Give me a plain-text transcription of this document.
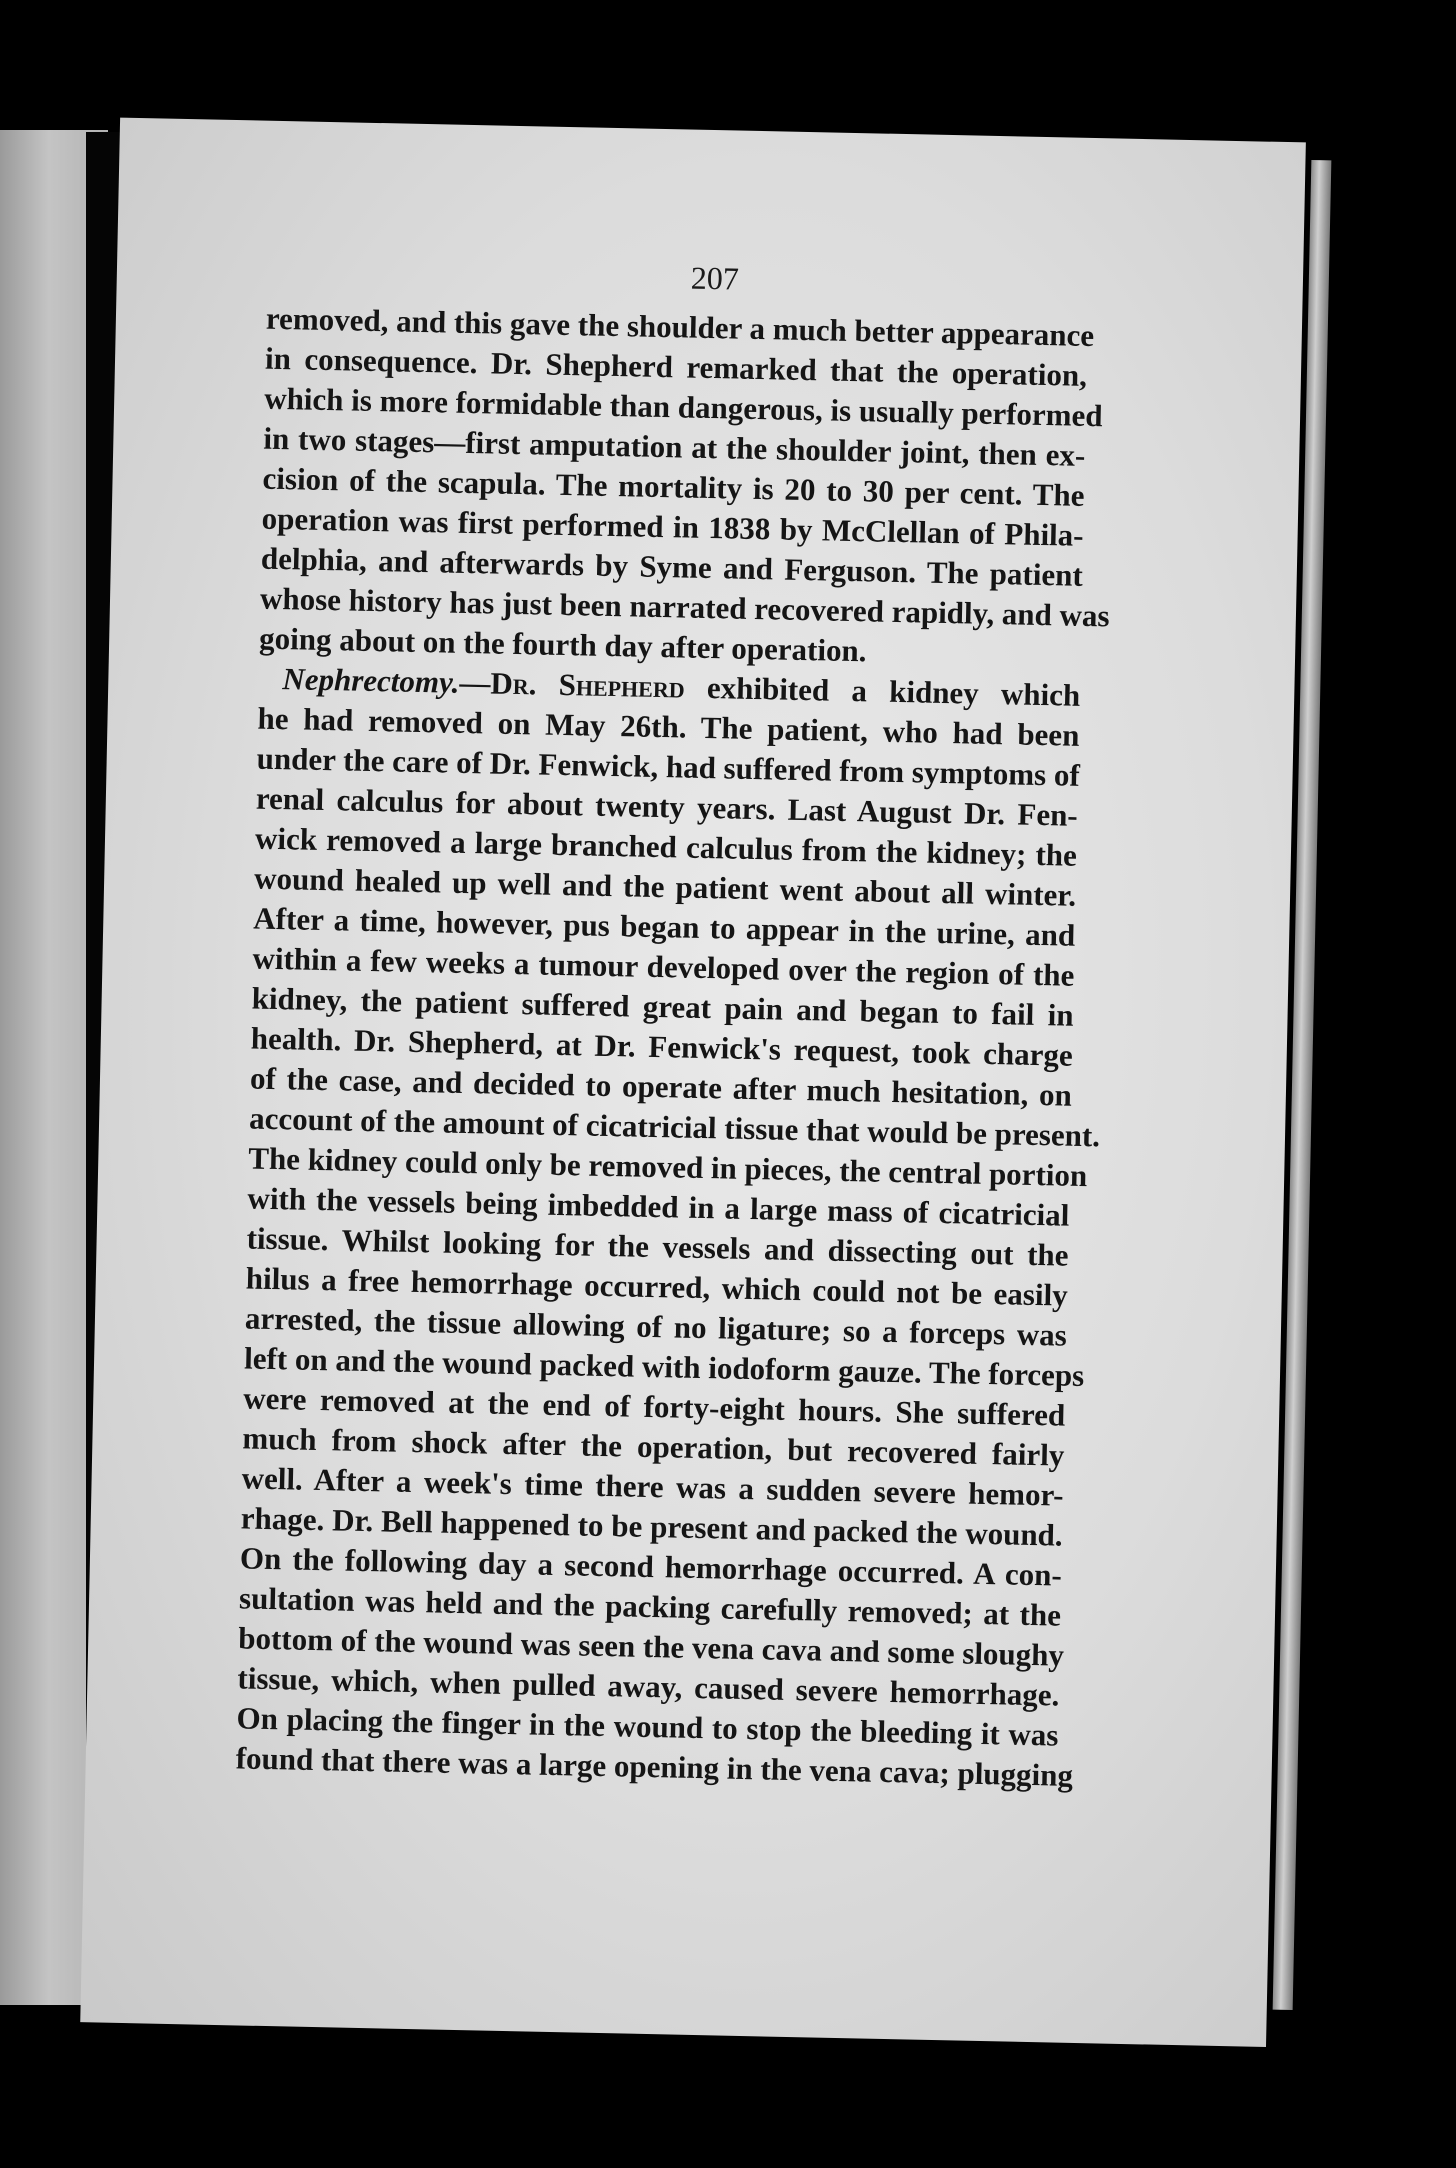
207
removed, and this gave the shoulder a much better appearance
in consequence. Dr. Shepherd remarked that the operation,
which is more formidable than dangerous, is usually performed
in two stages—first amputation at the shoulder joint, then ex-
cision of the scapula. The mortality is 20 to 30 per cent. The
operation was first performed in 1838 by McClellan of Phila-
delphia, and afterwards by Syme and Ferguson. The patient
whose history has just been narrated recovered rapidly, and was
going about on the fourth day after operation.
Nephrectomy.—Dr. Shepherd exhibited a kidney which
he had removed on May 26th. The patient, who had been
under the care of Dr. Fenwick, had suffered from symptoms of
renal calculus for about twenty years. Last August Dr. Fen-
wick removed a large branched calculus from the kidney; the
wound healed up well and the patient went about all winter.
After a time, however, pus began to appear in the urine, and
within a few weeks a tumour developed over the region of the
kidney, the patient suffered great pain and began to fail in
health. Dr. Shepherd, at Dr. Fenwick's request, took charge
of the case, and decided to operate after much hesitation, on
account of the amount of cicatricial tissue that would be present.
The kidney could only be removed in pieces, the central portion
with the vessels being imbedded in a large mass of cicatricial
tissue. Whilst looking for the vessels and dissecting out the
hilus a free hemorrhage occurred, which could not be easily
arrested, the tissue allowing of no ligature; so a forceps was
left on and the wound packed with iodoform gauze. The forceps
were removed at the end of forty-eight hours. She suffered
much from shock after the operation, but recovered fairly
well. After a week's time there was a sudden severe hemor-
rhage. Dr. Bell happened to be present and packed the wound.
On the following day a second hemorrhage occurred. A con-
sultation was held and the packing carefully removed; at the
bottom of the wound was seen the vena cava and some sloughy
tissue, which, when pulled away, caused severe hemorrhage.
On placing the finger in the wound to stop the bleeding it was
found that there was a large opening in the vena cava; plugging
